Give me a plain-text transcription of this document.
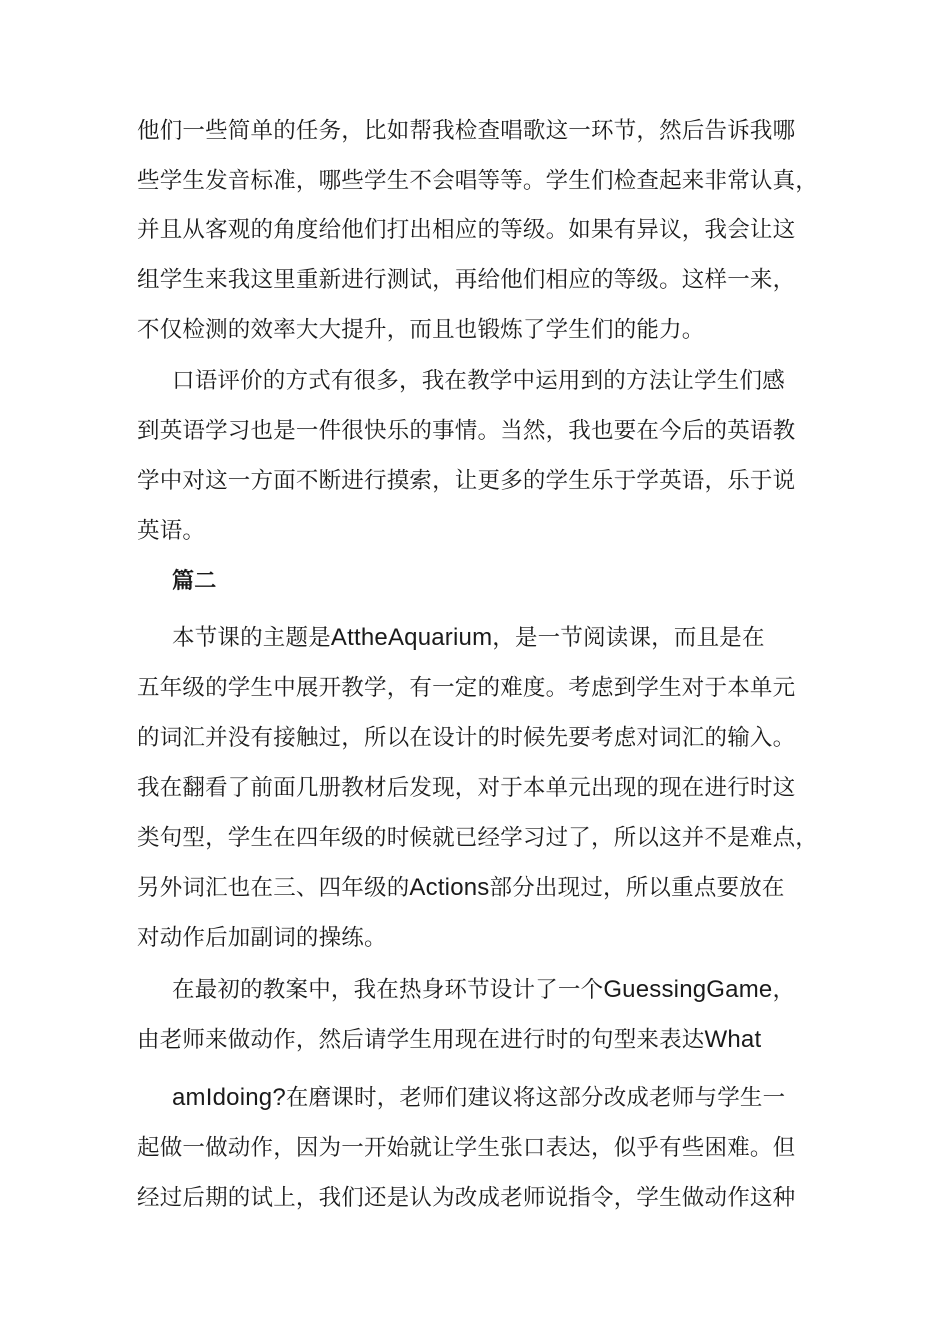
他们一些简单的任务，比如帮我检查唱歌这一环节，然后告诉我哪
些学生发音标准，哪些学生不会唱等等。学生们检查起来非常认真，
并且从客观的角度给他们打出相应的等级。如果有异议，我会让这
组学生来我这里重新进行测试，再给他们相应的等级。这样一来，
不仅检测的效率大大提升，而且也锻炼了学生们的能力。
口语评价的方式有很多，我在教学中运用到的方法让学生们感
到英语学习也是一件很快乐的事情。当然，我也要在今后的英语教
学中对这一方面不断进行摸索，让更多的学生乐于学英语，乐于说
英语。
篇二
本节课的主题是AttheAquarium，是一节阅读课，而且是在
五年级的学生中展开教学，有一定的难度。考虑到学生对于本单元
的词汇并没有接触过，所以在设计的时候先要考虑对词汇的输入。
我在翻看了前面几册教材后发现，对于本单元出现的现在进行时这
类句型，学生在四年级的时候就已经学习过了，所以这并不是难点，
另外词汇也在三、四年级的Actions部分出现过，所以重点要放在
对动作后加副词的操练。
在最初的教案中，我在热身环节设计了一个GuessingGame，
由老师来做动作，然后请学生用现在进行时的句型来表达What
amIdoing?在磨课时，老师们建议将这部分改成老师与学生一
起做一做动作，因为一开始就让学生张口表达，似乎有些困难。但
经过后期的试上，我们还是认为改成老师说指令，学生做动作这种
